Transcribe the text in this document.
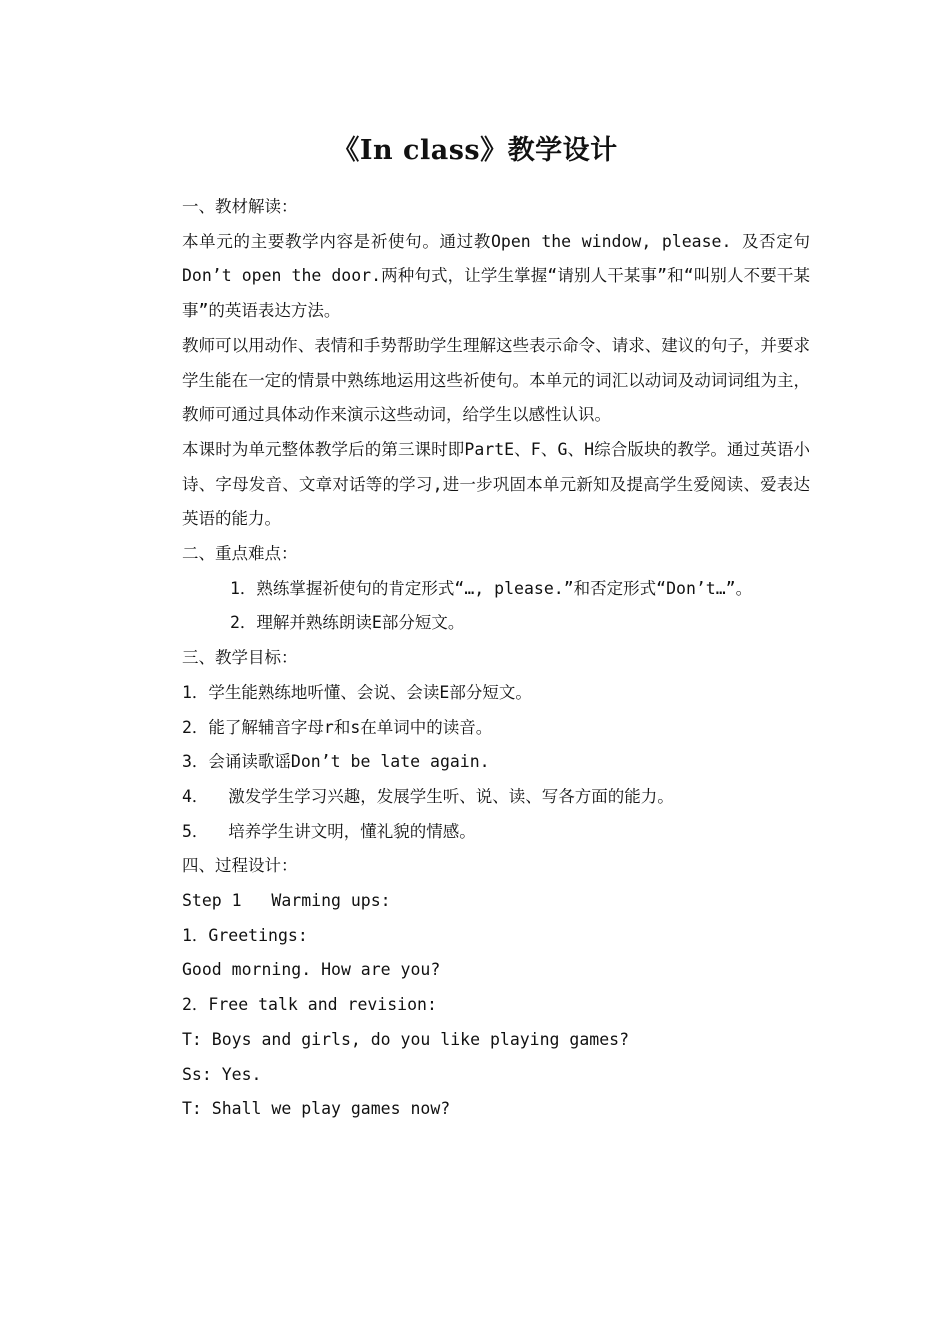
《In class》教学设计

一、教材解读：

本单元的主要教学内容是祈使句。通过教Open the window, please. 及否定句Don’t open the door.两种句式，让学生掌握“请别人干某事”和“叫别人不要干某事”的英语表达方法。

教师可以用动作、表情和手势帮助学生理解这些表示命令、请求、建议的句子，并要求学生能在一定的情景中熟练地运用这些祈使句。本单元的词汇以动词及动词词组为主，教师可通过具体动作来演示这些动词，给学生以感性认识。

本课时为单元整体教学后的第三课时即PartE、F、G、H综合版块的教学。通过英语小诗、字母发音、文章对话等的学习,进一步巩固本单元新知及提高学生爱阅读、爱表达英语的能力。

二、重点难点：

1．熟练掌握祈使句的肯定形式“…, please.”和否定形式“Don’t…”。

2．理解并熟练朗读E部分短文。

三、教学目标：

1．学生能熟练地听懂、会说、会读E部分短文。

2．能了解辅音字母r和s在单词中的读音。

3．会诵读歌谣Don’t be late again.

4．  激发学生学习兴趣，发展学生听、说、读、写各方面的能力。

5．  培养学生讲文明，懂礼貌的情感。

四、过程设计：

Step 1   Warming ups:

1．Greetings:

Good morning. How are you?

2．Free talk and revision:

T: Boys and girls, do you like playing games?

Ss: Yes.

T: Shall we play games now?
